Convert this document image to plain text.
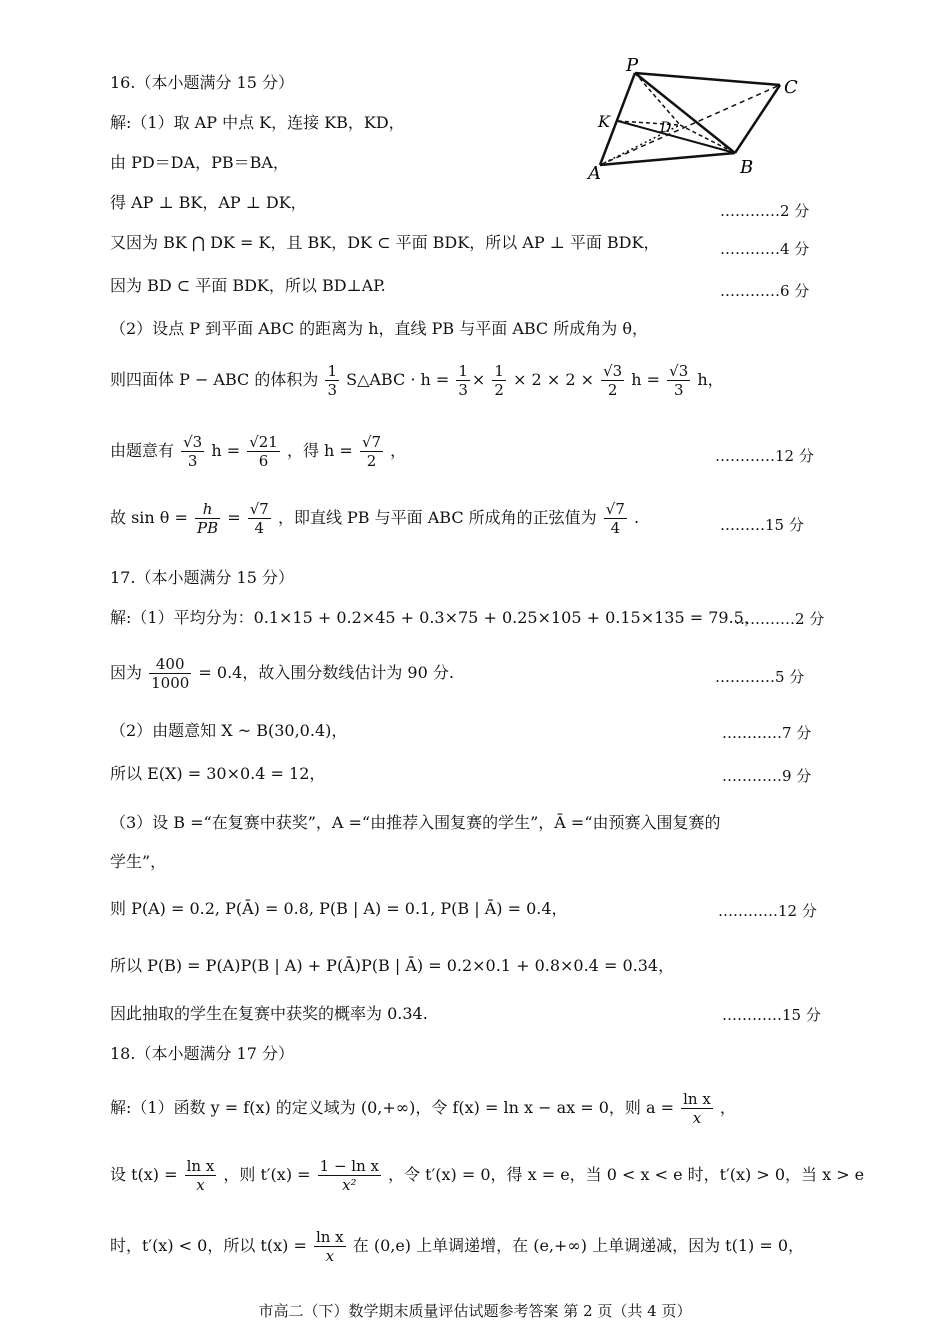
P
C
K	D
A	B
16.（本小题满分 15 分）
解:（1）取 AP 中点 K，连接 KB，KD，
由 PD＝DA，PB＝BA，
得 AP ⊥ BK，AP ⊥ DK，	…………2 分
又因为 BK ⋂ DK = K，且 BK，DK ⊂ 平面 BDK，所以 AP ⊥ 平面 BDK，	…………4 分
因为 BD ⊂ 平面 BDK，所以 BD⊥AP.	…………6 分
（2）设点 P 到平面 ABC 的距离为 h，直线 PB 与平面 ABC 所成角为 θ，
则四面体 P − ABC 的体积为 $\frac{1}{3}$ S△ABC · $h = \frac{1}{3} \times \frac{1}{2} \times 2 \times 2 \times \frac{√3}{2}$ $h = \frac{√3}{3}$ h，
由题意有 $\frac{√3}{3}$ $h = \frac{√21}{6}$ ，得 $h = \frac{√7}{2}$ ，	…………12 分
故 $\sin \theta = \frac{h}{PB} = \frac{√7}{4}$ ，即直线 PB 与平面 ABC 所成角的正弦值为 $\frac{√7}{4}$ .	………15 分
17.（本小题满分 15 分）
解:（1）平均分为：0.1×15 + 0.2×45 + 0.3×75 + 0.25×105 + 0.15×135 = 79.5，
…………2 分
因为 $\frac{400}{1000} = 0.4$，故入围分数线估计为 90 分.	…………5 分
（2）由题意知 X ~ B(30,0.4)，	…………7 分
所以 E(X) = 30×0.4 = 12，	…………9 分
（3）设 B =“在复赛中获奖”，A =“由推荐入围复赛的学生”，Ā =“由预赛入围复赛的
学生”，
则 P(A) = 0.2, P(Ā) = 0.8, P(B | A) = 0.1, P(B | Ā) = 0.4，	…………12 分
所以 P(B) = P(A)P(B | A) + P(Ā)P(B | Ā) = 0.2×0.1 + 0.8×0.4 = 0.34，
因此抽取的学生在复赛中获奖的概率为 0.34.	…………15 分
18.（本小题满分 17 分）
解:（1）函数 y = f(x) 的定义域为 (0,+∞)，令 f(x) = ln x − ax = 0，则 $a = \frac{\text{ln x}}{x}$ ，
设 $t(x) = \frac{\text{ln x}}{x}$ ，则 $t'(x) = \frac{\text{1 − ln x}}{\text{x²}}$ ，令 t′(x) = 0，得 x = e，当 0 < x < e 时，t′(x) > 0，当 x > e
时，t′(x) < 0，所以 $t(x) = \frac{\text{ln x}}{x}$ 在 (0,e) 上单调递增，在 (e,+∞) 上单调递减，因为 t(1) = 0，
市高二（下）数学期末质量评估试题参考答案 第 2 页（共 4 页）
